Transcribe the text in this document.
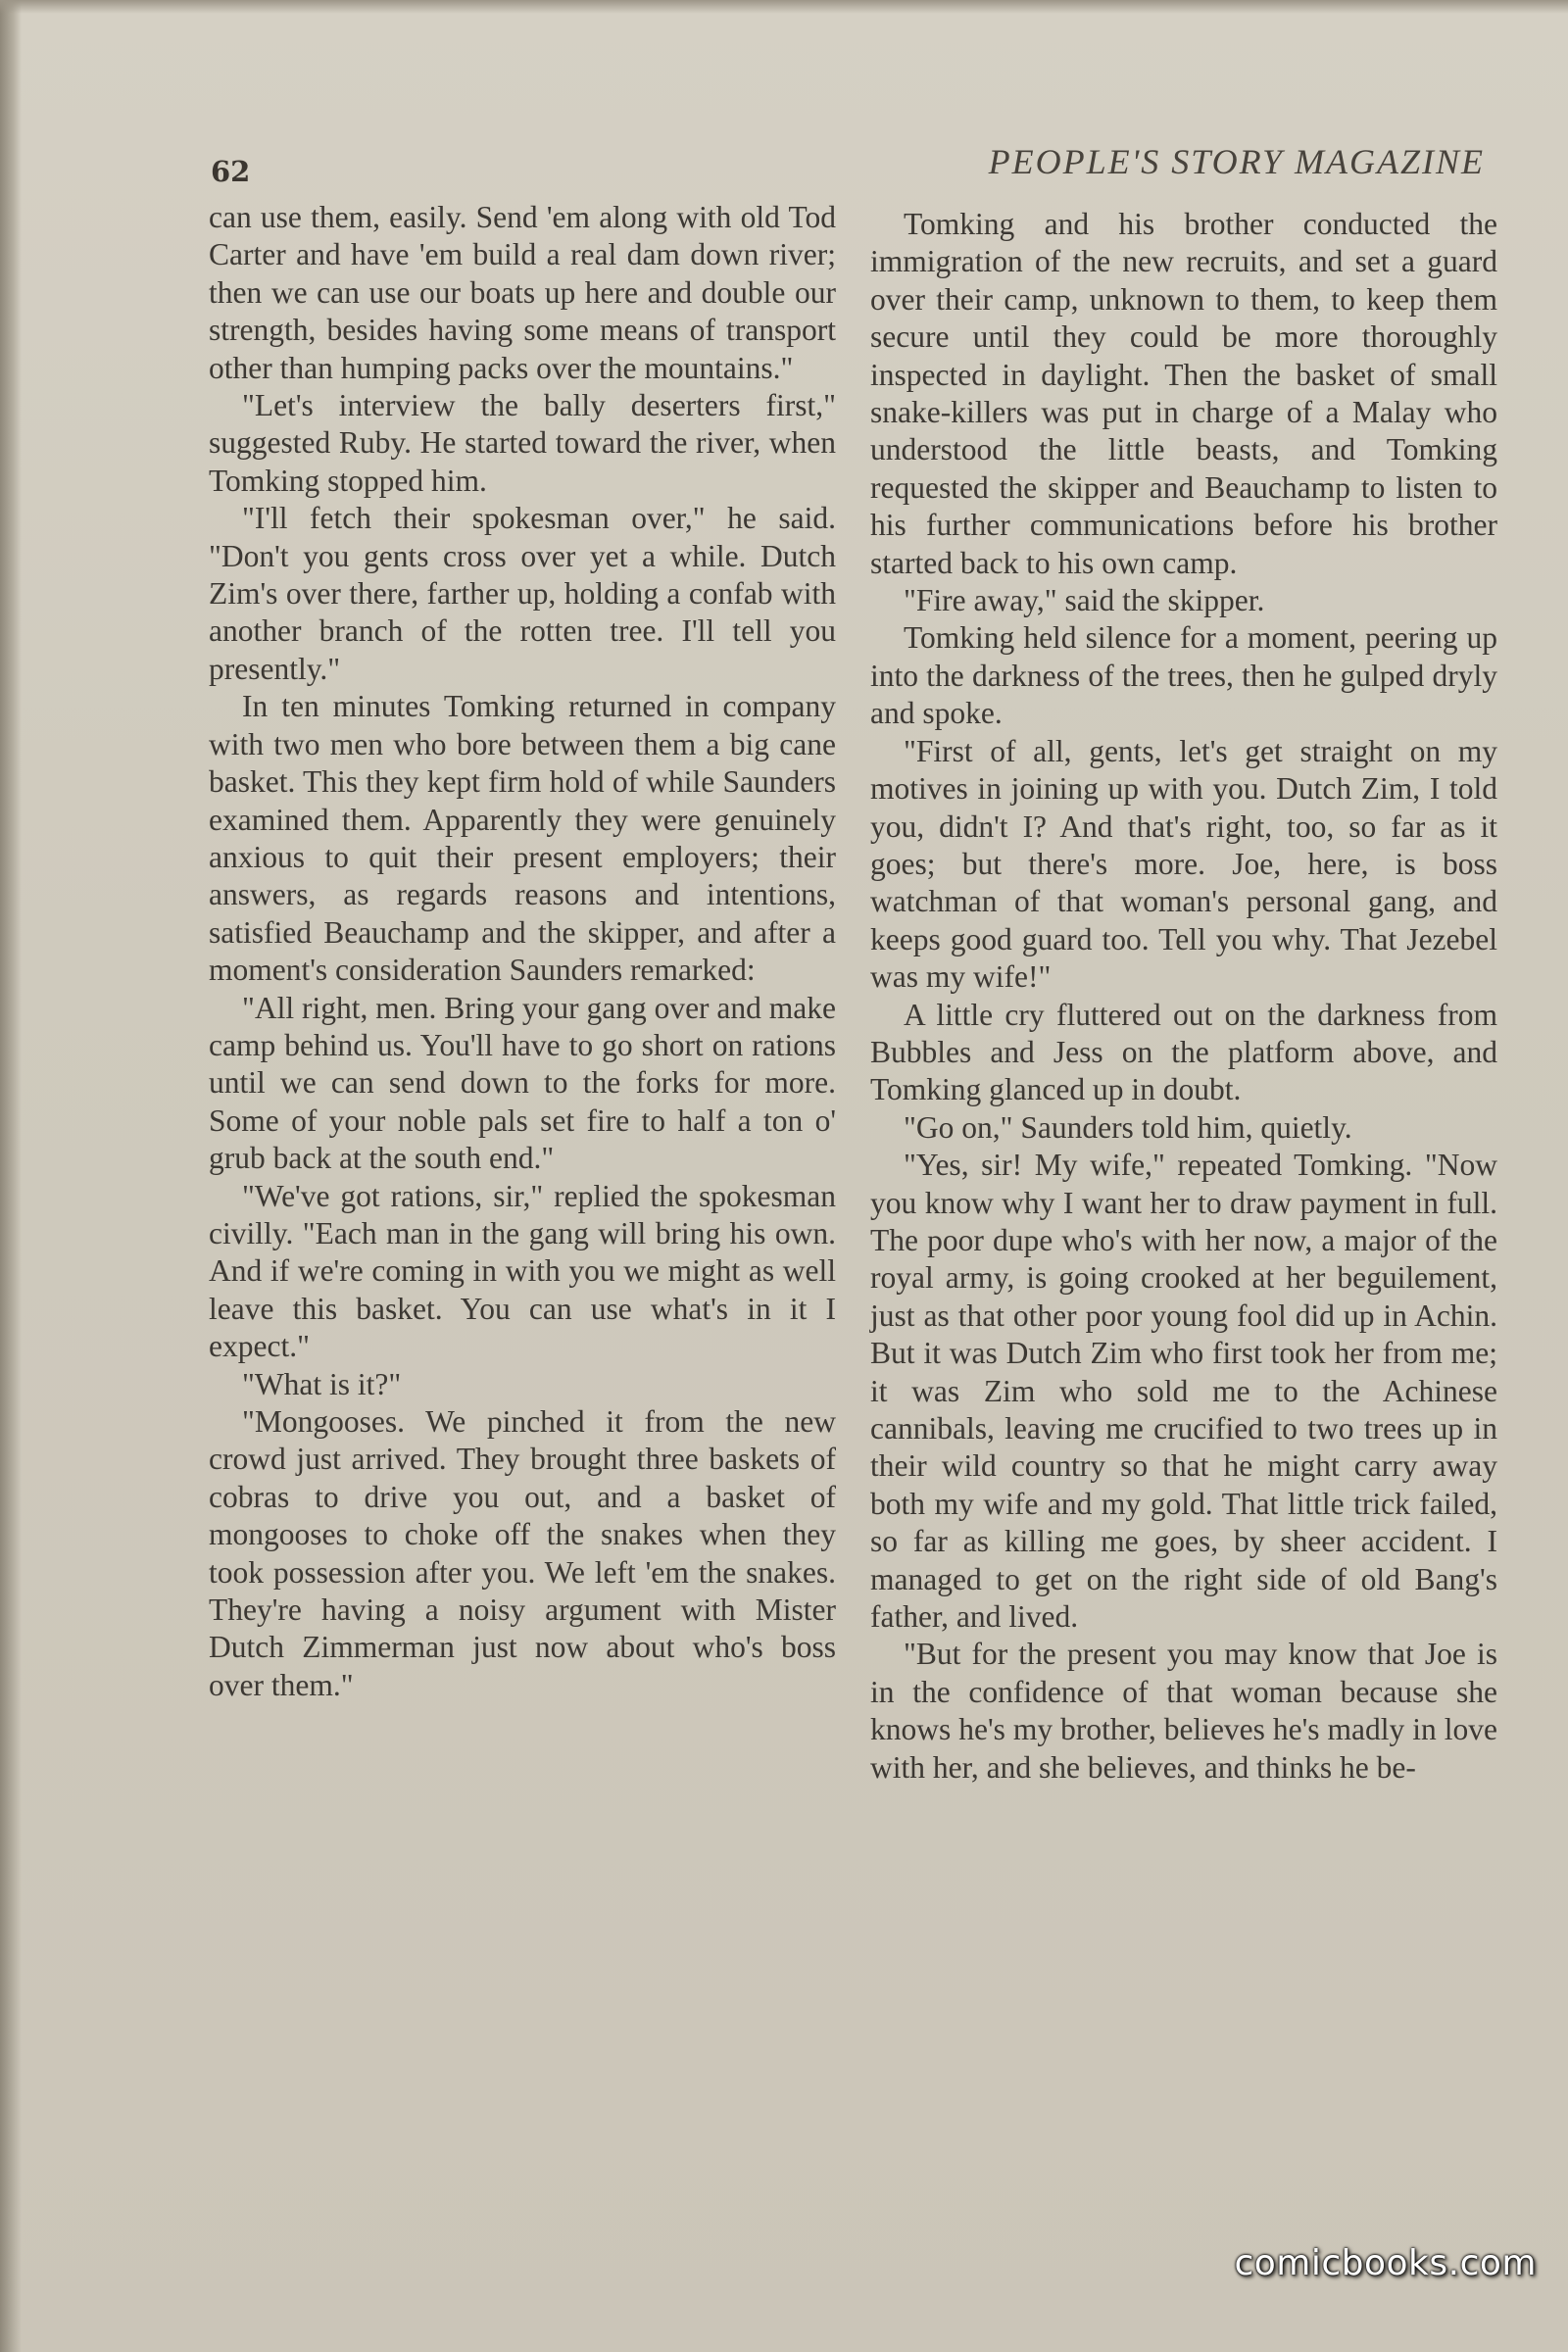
62	PEOPLE'S STORY MAGAZINE

can use them, easily. Send 'em along with old Tod Carter and have 'em build a real dam down river; then we can use our boats up here and double our strength, besides having some means of transport other than humping packs over the mountains."

"Let's interview the bally deserters first," suggested Ruby. He started toward the river, when Tomking stopped him.

"I'll fetch their spokesman over," he said. "Don't you gents cross over yet a while. Dutch Zim's over there, farther up, holding a confab with another branch of the rotten tree. I'll tell you presently."

In ten minutes Tomking returned in company with two men who bore between them a big cane basket. This they kept firm hold of while Saunders examined them. Apparently they were genuinely anxious to quit their present employers; their answers, as regards reasons and intentions, satisfied Beauchamp and the skipper, and after a moment's consideration Saunders remarked:

"All right, men. Bring your gang over and make camp behind us. You'll have to go short on rations until we can send down to the forks for more. Some of your noble pals set fire to half a ton o' grub back at the south end."

"We've got rations, sir," replied the spokesman civilly. "Each man in the gang will bring his own. And if we're coming in with you we might as well leave this basket. You can use what's in it I expect."

"What is it?"

"Mongooses. We pinched it from the new crowd just arrived. They brought three baskets of cobras to drive you out, and a basket of mongooses to choke off the snakes when they took possession after you. We left 'em the snakes. They're having a noisy argument with Mister Dutch Zimmerman just now about who's boss over them."

Tomking and his brother conducted the immigration of the new recruits, and set a guard over their camp, unknown to them, to keep them secure until they could be more thoroughly inspected in daylight. Then the basket of small snake-killers was put in charge of a Malay who understood the little beasts, and Tomking requested the skipper and Beauchamp to listen to his further communications before his brother started back to his own camp.

"Fire away," said the skipper.

Tomking held silence for a moment, peering up into the darkness of the trees, then he gulped dryly and spoke.

"First of all, gents, let's get straight on my motives in joining up with you. Dutch Zim, I told you, didn't I? And that's right, too, so far as it goes; but there's more. Joe, here, is boss watchman of that woman's personal gang, and keeps good guard too. Tell you why. That Jezebel was my wife!"

A little cry fluttered out on the darkness from Bubbles and Jess on the platform above, and Tomking glanced up in doubt.

"Go on," Saunders told him, quietly.

"Yes, sir! My wife," repeated Tomking. "Now you know why I want her to draw payment in full. The poor dupe who's with her now, a major of the royal army, is going crooked at her beguilement, just as that other poor young fool did up in Achin. But it was Dutch Zim who first took her from me; it was Zim who sold me to the Achinese cannibals, leaving me crucified to two trees up in their wild country so that he might carry away both my wife and my gold. That little trick failed, so far as killing me goes, by sheer accident. I managed to get on the right side of old Bang's father, and lived.

"But for the present you may know that Joe is in the confidence of that woman because she knows he's my brother, believes he's madly in love with her, and she believes, and thinks he be-

comicbooks.com
